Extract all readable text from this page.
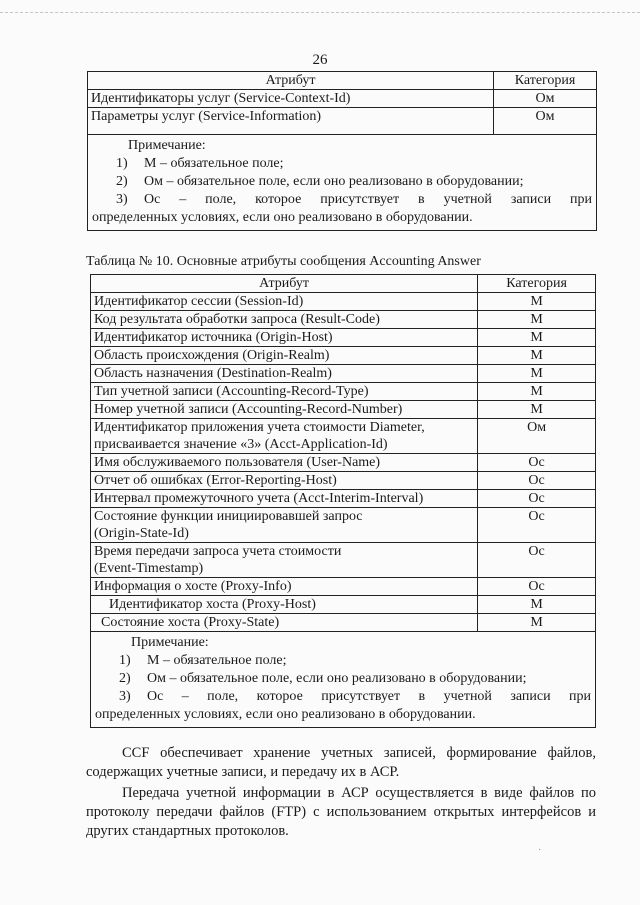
26
Атрибут	Категория
Идентификаторы услуг (Service-Context-Id)	Ом
Параметры услуг (Service-Information)	Ом

Примечание:
1) М – обязательное поле;
2) Ом – обязательное поле, если оно реализовано в оборудовании;
3) Ос – поле, которое присутствует в учетной записи при
определенных условиях, если оно реализовано в оборудовании.	
Таблица № 10. Основные атрибуты сообщения Accounting Answer
Атрибут	Категория
Идентификатор сессии (Session-Id)	М
Код результата обработки запроса (Result-Code)	М
Идентификатор источника (Origin-Host)	М
Область происхождения (Origin-Realm)	М
Область назначения (Destination-Realm)	М
Тип учетной записи (Accounting-Record-Type)	М
Номер учетной записи (Accounting-Record-Number)	М

Идентификатор приложения учета стоимости Diameter,
присваивается значение «3» (Acct-Application-Id)	Ом
Имя обслуживаемого пользователя (User-Name)	Ос
Отчет об ошибках (Error-Reporting-Host)	Ос
Интервал промежуточного учета (Acct-Interim-Interval)	Ос

Состояние функции инициировавшей запрос
(Origin-State-Id)	Ос

Время передачи запроса учета стоимости
(Event-Timestamp)	Ос
Информация о хосте (Proxy-Info)	Ос
Идентификатор хоста (Proxy-Host)	М
Состояние хоста (Proxy-State)	М

Примечание:
1) М – обязательное поле;
2) Ом – обязательное поле, если оно реализовано в оборудовании;
3) Ос – поле, которое присутствует в учетной записи при
определенных условиях, если оно реализовано в оборудовании.	
CCF обеспечивает хранение учетных записей, формирование файлов, содержащих учетные записи, и передачу их в АСР.
Передача учетной информации в АСР осуществляется в виде файлов по протоколу передачи файлов (FTP) с использованием открытых интерфейсов и других стандартных протоколов.
˙
